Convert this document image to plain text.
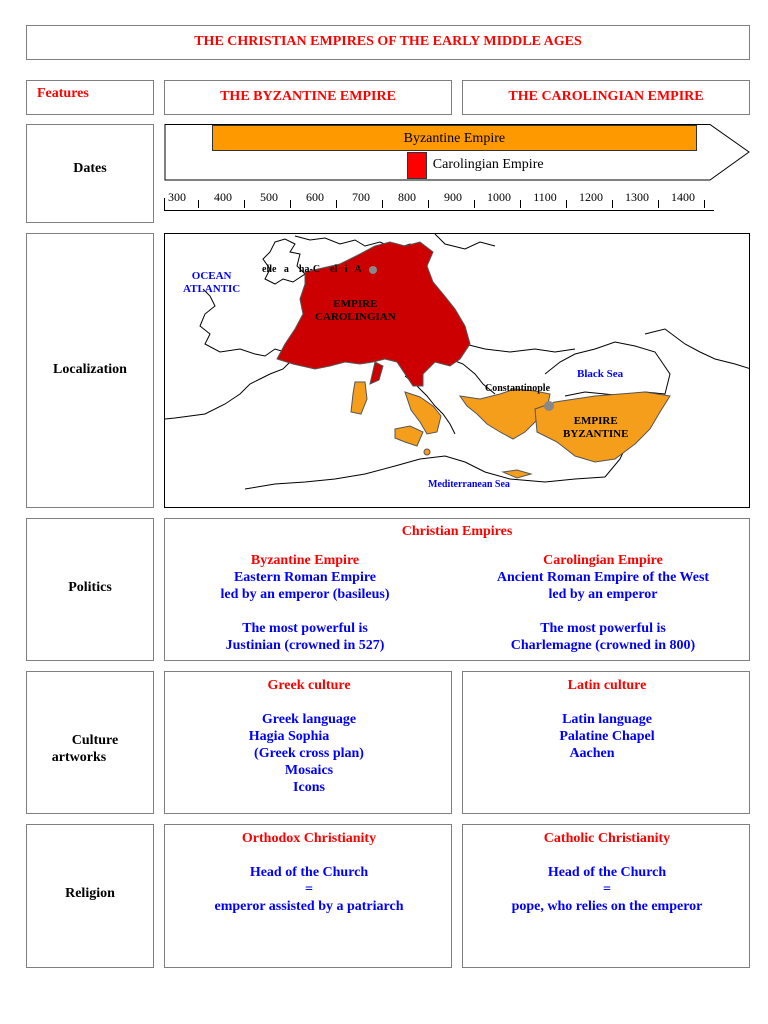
THE CHRISTIAN EMPIRES OF THE EARLY MIDDLE AGES
Features	THE BYZANTINE EMPIRE	THE CAROLINGIAN EMPIRE
Dates
Localization
Politics
Culture
artworks
Religion
Byzantine Empire
Carolingian Empire
300 400 500 600 700 800 900 1000 1100 1200 1300 1400
OCEAN
ATLANTIC
elle   a    ha-C    el   i   A
EMPIRE
CAROLINGIAN
Constantinople
Black Sea
EMPIRE
BYZANTINE
Mediterranean Sea
Christian Empires
Byzantine Empire
Eastern Roman Empire
led by an emperor (basileus)
The most powerful is
Justinian (crowned in 527)
Carolingian Empire
Ancient Roman Empire of the West
led by an emperor
The most powerful is
Charlemagne (crowned in 800)
Greek culture
Greek language
Hagia Sophia
(Greek cross plan)
Mosaics
Icons
Latin culture
Latin language
Palatine Chapel
Aachen
Orthodox Christianity
Head of the Church
=
emperor assisted by a patriarch
Catholic Christianity
Head of the Church
=
pope, who relies on the emperor
